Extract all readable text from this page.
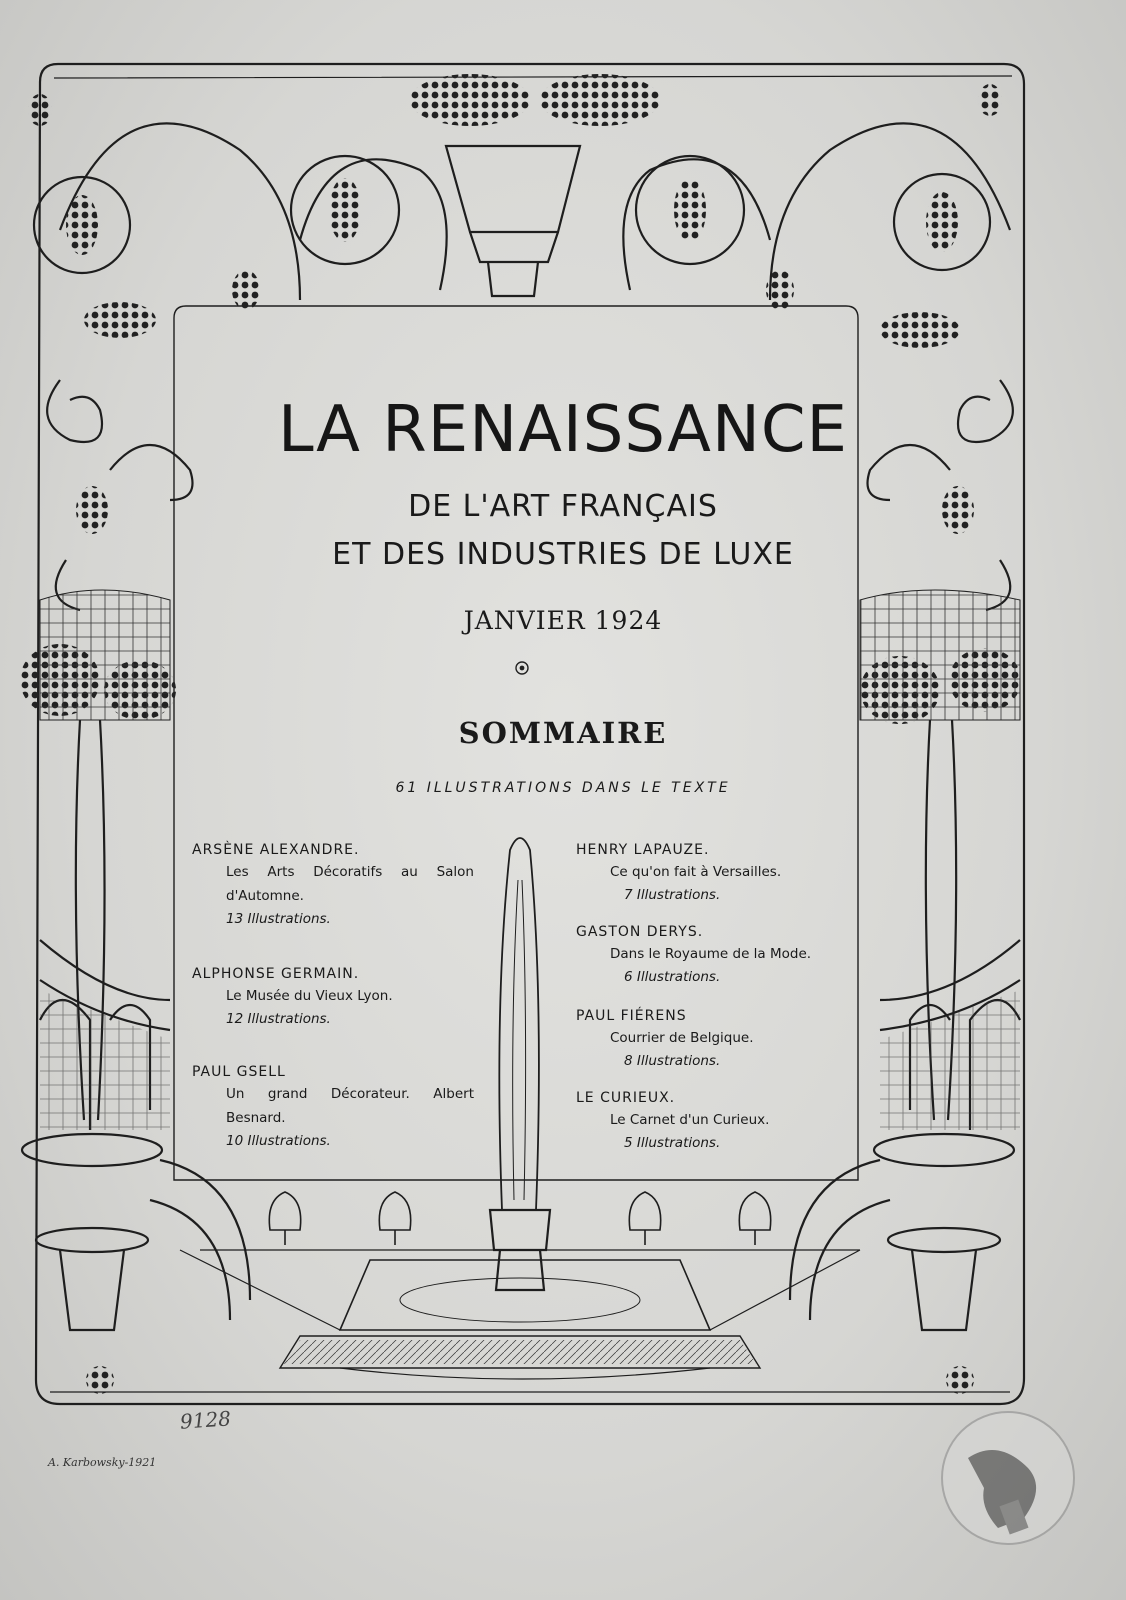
LA RENAISSANCE
DE L'ART FRANÇAIS
ET DES INDUSTRIES DE LUXE
JANVIER 1924
SOMMAIRE
61 ILLUSTRATIONS DANS LE TEXTE
ARSÈNE ALEXANDRE.
Les Arts Décoratifs au Salon d'Automne.
13 Illustrations.
ALPHONSE GERMAIN.
Le Musée du Vieux Lyon.
12 Illustrations.
PAUL GSELL
Un grand Décorateur. Albert Besnard.
10 Illustrations.
HENRY LAPAUZE.
Ce qu'on fait à Versailles.
7 Illustrations.
GASTON DERYS.
Dans le Royaume de la Mode.
6 Illustrations.
PAUL FIÉRENS
Courrier de Belgique.
8 Illustrations.
LE CURIEUX.
Le Carnet d'un Curieux.
5 Illustrations.
A. Karbowsky-1921
9128
